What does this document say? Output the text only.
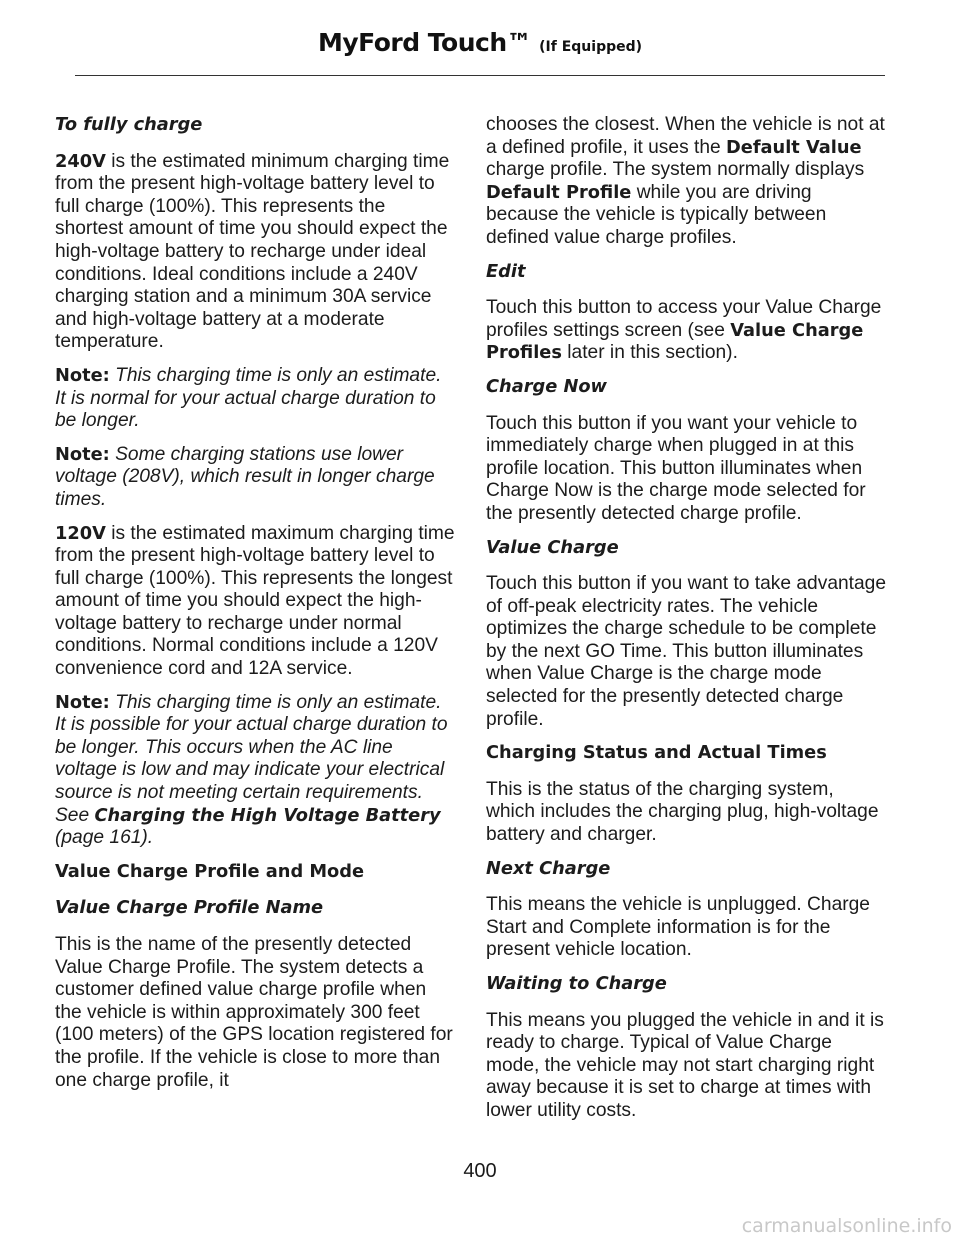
MyFord Touch™ (If Equipped)
To fully charge

240V is the estimated minimum charging time from the present high-voltage battery level to full charge (100%). This represents the shortest amount of time you should expect the high-voltage battery to recharge under ideal conditions. Ideal conditions include a 240V charging station and a minimum 30A service and high-voltage battery at a moderate temperature.

Note: This charging time is only an estimate. It is normal for your actual charge duration to be longer.

Note: Some charging stations use lower voltage (208V), which result in longer charge times.

120V is the estimated maximum charging time from the present high-voltage battery level to full charge (100%). This represents the longest amount of time you should expect the high-voltage battery to recharge under normal conditions. Normal conditions include a 120V convenience cord and 12A service.

Note: This charging time is only an estimate. It is possible for your actual charge duration to be longer. This occurs when the AC line voltage is low and may indicate your electrical source is not meeting certain requirements. See Charging the High Voltage Battery (page 161).

Value Charge Profile and Mode
Value Charge Profile Name

This is the name of the presently detected Value Charge Profile. The system detects a customer defined value charge profile when the vehicle is within approximately 300 feet (100 meters) of the GPS location registered for the profile. If the vehicle is close to more than one charge profile, it

chooses the closest. When the vehicle is not at a defined profile, it uses the Default Value charge profile. The system normally displays Default Profile while you are driving because the vehicle is typically between defined value charge profiles.

Edit

Touch this button to access your Value Charge profiles settings screen (see Value Charge Profiles later in this section).

Charge Now

Touch this button if you want your vehicle to immediately charge when plugged in at this profile location. This button illuminates when Charge Now is the charge mode selected for the presently detected charge profile.

Value Charge

Touch this button if you want to take advantage of off-peak electricity rates. The vehicle optimizes the charge schedule to be complete by the next GO Time. This button illuminates when Value Charge is the charge mode selected for the presently detected charge profile.

Charging Status and Actual Times

This is the status of the charging system, which includes the charging plug, high-voltage battery and charger.

Next Charge

This means the vehicle is unplugged. Charge Start and Complete information is for the present vehicle location.

Waiting to Charge

This means you plugged the vehicle in and it is ready to charge. Typical of Value Charge mode, the vehicle may not start charging right away because it is set to charge at times with lower utility costs.

400
carmanualsonline.info
